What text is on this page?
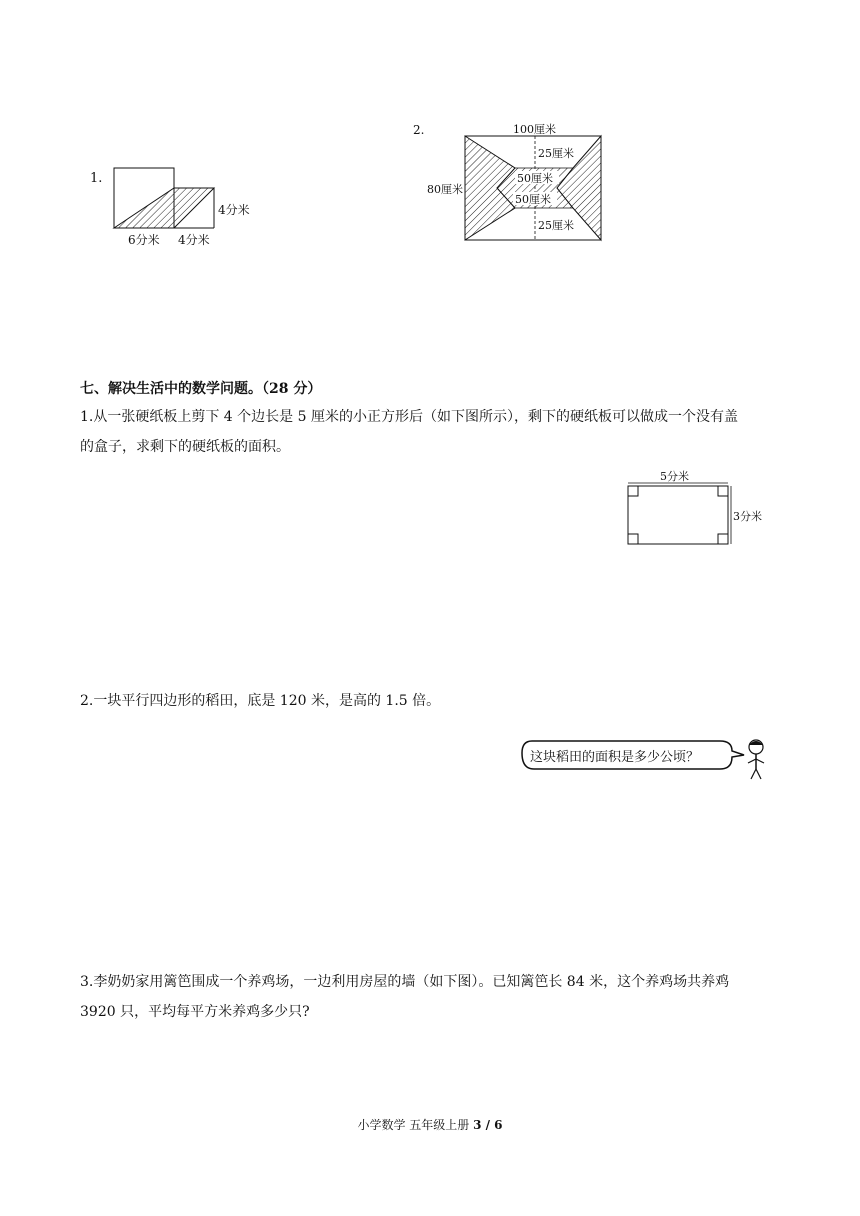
1.
4分米
6分米 4分米
2.	100厘米
80厘米
25厘米
50厘米
50厘米
25厘米
七、解决生活中的数学问题。（28 分）
1.从一张硬纸板上剪下 4 个边长是 5 厘米的小正方形后（如下图所示），剩下的硬纸板可以做成一个没有盖
的盒子，求剩下的硬纸板的面积。
5分米
3分米
2.一块平行四边形的稻田，底是 120 米，是高的 1.5 倍。
这块稻田的面积是多少公顷？
3.李奶奶家用篱笆围成一个养鸡场，一边利用房屋的墙（如下图）。已知篱笆长 84 米，这个养鸡场共养鸡
3920 只，平均每平方米养鸡多少只?
小学数学 五年级上册 3 / 6
